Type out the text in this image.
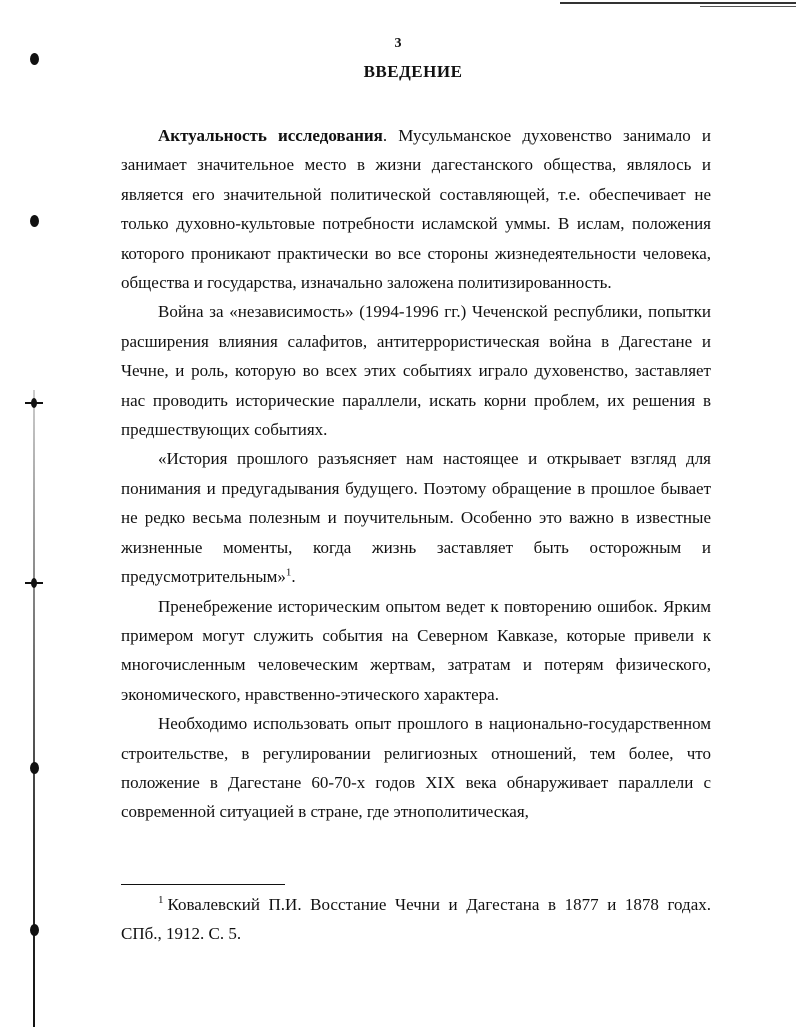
3
ВВЕДЕНИЕ

Актуальность исследования. Мусульманское духовенство занимало и занимает значительное место в жизни дагестанского общества, являлось и является его значительной политической составляющей, т.е. обеспечивает не только духовно-культовые потребности исламской уммы. В ислам, положения которого проникают практически во все стороны жизнедеятельности человека, общества и государства, изначально заложена политизированность.

Война за «независимость» (1994-1996 гг.) Чеченской республики, попытки расширения влияния салафитов, антитеррористическая война в Дагестане и Чечне, и роль, которую во всех этих событиях играло духовенство, заставляет нас проводить исторические параллели, искать корни проблем, их решения в предшествующих событиях.

«История прошлого разъясняет нам настоящее и открывает взгляд для понимания и предугадывания будущего. Поэтому обращение в прошлое бывает не редко весьма полезным и поучительным. Особенно это важно в известные жизненные моменты, когда жизнь заставляет быть осторожным и предусмотрительным»$^1$.

Пренебрежение историческим опытом ведет к повторению ошибок. Ярким примером могут служить события на Северном Кавказе, которые привели к многочисленным человеческим жертвам, затратам и потерям физического, экономического, нравственно-этического характера.

Необходимо использовать опыт прошлого в национально-государственном строительстве, в регулировании религиозных отношений, тем более, что положение в Дагестане 60-70-х годов XIX века обнаруживает параллели с современной ситуацией в стране, где этнополитическая,

$^1$ Ковалевский П.И. Восстание Чечни и Дагестана в 1877 и 1878 годах. СПб., 1912. С. 5.
